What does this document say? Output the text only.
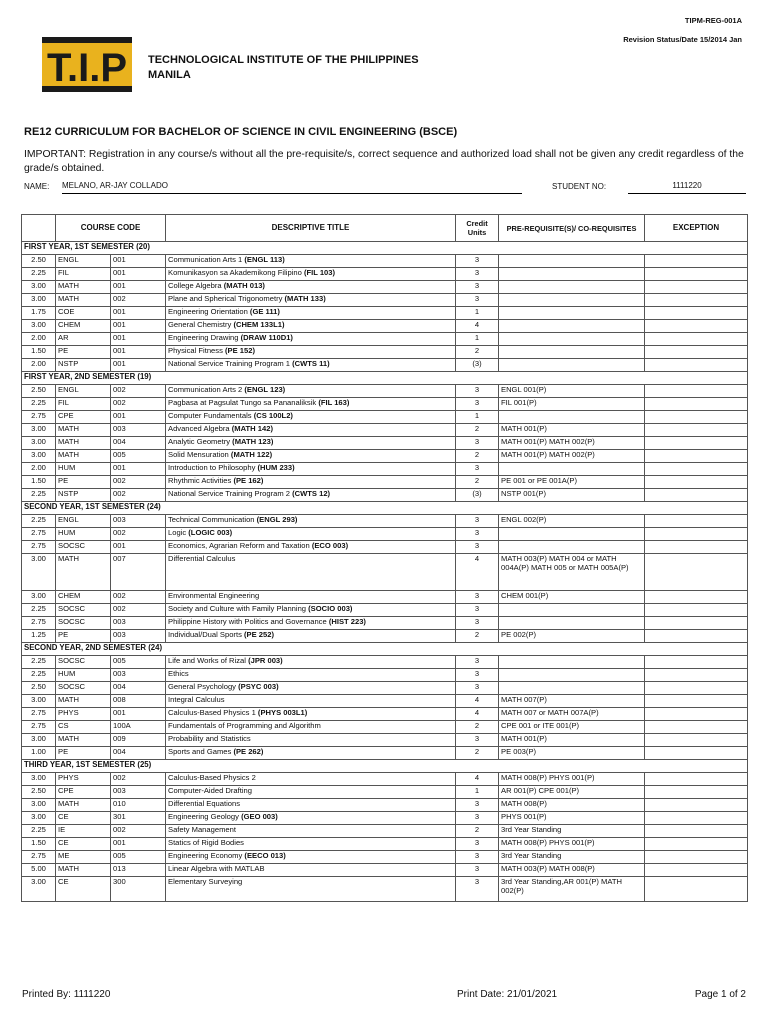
TIPM-REG-001A
Revision Status/Date 15/2014 Jan
T.I.P TECHNOLOGICAL INSTITUTE OF THE PHILIPPINES
MANILA
RE12 CURRICULUM FOR BACHELOR OF SCIENCE IN CIVIL ENGINEERING (BSCE)
IMPORTANT: Registration in any course/s without all the pre-requisite/s, correct sequence and authorized load shall not be given any credit regardless of the grade/s obtained.
NAME: MELANO, AR-JAY COLLADO	STUDENT NO:	1111220
	COURSE CODE		DESCRIPTIVE TITLE	Credit Units	PRE-REQUISITE(S)/ CO-REQUISITES	EXCEPTION
FIRST YEAR, 1ST SEMESTER (20)						
2.50	ENGL	001	Communication Arts 1 (ENGL 113)	3		
2.25	FIL	001	Komunikasyon sa Akademikong Filipino (FIL 103)	3		
3.00	MATH	001	College Algebra (MATH 013)	3		
3.00	MATH	002	Plane and Spherical Trigonometry (MATH 133)	3		
1.75	COE	001	Engineering Orientation (GE 111)	1		
3.00	CHEM	001	General Chemistry (CHEM 133L1)	4		
2.00	AR	001	Engineering Drawing (DRAW 110D1)	1		
1.50	PE	001	Physical Fitness (PE 152)	2		
2.00	NSTP	001	National Service Training Program 1 (CWTS 11)	(3)		
FIRST YEAR, 2ND SEMESTER (19)						
2.50	ENGL	002	Communication Arts 2 (ENGL 123)	3	ENGL 001(P)	
2.25	FIL	002	Pagbasa at Pagsulat Tungo sa Pananaliksik (FIL 163)	3	FIL 001(P)	
2.75	CPE	001	Computer Fundamentals (CS 100L2)	1		
3.00	MATH	003	Advanced Algebra (MATH 142)	2	MATH 001(P)	
3.00	MATH	004	Analytic Geometry (MATH 123)	3	MATH 001(P) MATH 002(P)	
3.00	MATH	005	Solid Mensuration (MATH 122)	2	MATH 001(P) MATH 002(P)	
2.00	HUM	001	Introduction to Philosophy (HUM 233)	3		
1.50	PE	002	Rhythmic Activities (PE 162)	2	PE 001 or PE 001A(P)	
2.25	NSTP	002	National Service Training Program 2 (CWTS 12)	(3)	NSTP 001(P)	
SECOND YEAR, 1ST SEMESTER (24)						
2.25	ENGL	003	Technical Communication (ENGL 293)	3	ENGL 002(P)	
2.75	HUM	002	Logic (LOGIC 003)	3		
2.75	SOCSC	001	Economics, Agrarian Reform and Taxation (ECO 003)	3		
3.00	MATH	007	Differential Calculus	4	MATH 003(P) MATH 004 or MATH 004A(P) MATH 005 or MATH 005A(P)	
3.00	CHEM	002	Environmental Engineering	3	CHEM 001(P)	
2.25	SOCSC	002	Society and Culture with Family Planning (SOCIO 003)	3		
2.75	SOCSC	003	Philippine History with Politics and Governance (HIST 223)	3		
1.25	PE	003	Individual/Dual Sports (PE 252)	2	PE 002(P)	
SECOND YEAR, 2ND SEMESTER (24)						
2.25	SOCSC	005	Life and Works of Rizal (JPR 003)	3		
2.25	HUM	003	Ethics	3		
2.50	SOCSC	004	General Psychology (PSYC 003)	3		
3.00	MATH	008	Integral Calculus	4	MATH 007(P)	
2.75	PHYS	001	Calculus-Based Physics 1 (PHYS 003L1)	4	MATH 007 or MATH 007A(P)	
2.75	CS	100A	Fundamentals of Programming and Algorithm	2	CPE 001 or ITE 001(P)	
3.00	MATH	009	Probability and Statistics	3	MATH 001(P)	
1.00	PE	004	Sports and Games (PE 262)	2	PE 003(P)	
THIRD YEAR, 1ST SEMESTER (25)						
3.00	PHYS	002	Calculus-Based Physics 2	4	MATH 008(P) PHYS 001(P)	
2.50	CPE	003	Computer-Aided Drafting	1	AR 001(P) CPE 001(P)	
3.00	MATH	010	Differential Equations	3	MATH 008(P)	
3.00	CE	301	Engineering Geology (GEO 003)	3	PHYS 001(P)	
2.25	IE	002	Safety Management	2	3rd Year Standing	
1.50	CE	001	Statics of Rigid Bodies	3	MATH 008(P) PHYS 001(P)	
2.75	ME	005	Engineering Economy (EECO 013)	3	3rd Year Standing	
5.00	MATH	013	Linear Algebra with MATLAB	3	MATH 003(P) MATH 008(P)	
3.00	CE	300	Elementary Surveying	3	3rd Year Standing,AR 001(P) MATH 002(P)	
Printed By: 1111220	Print Date: 21/01/2021	Page 1 of 2
